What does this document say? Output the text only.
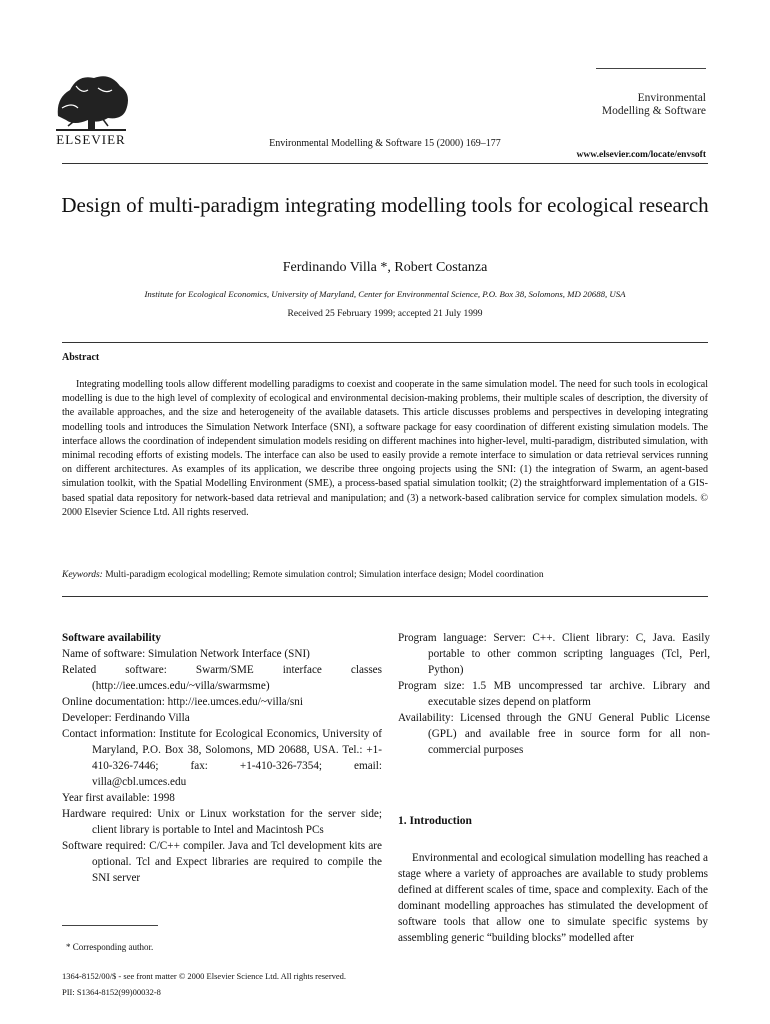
ELSEVIER	Environmental Modelling & Software 15 (2000) 169–177
Environmental
Modelling & Software
www.elsevier.com/locate/envsoft
Design of multi-paradigm integrating modelling tools for ecological research
Ferdinando Villa *, Robert Costanza
Institute for Ecological Economics, University of Maryland, Center for Environmental Science, P.O. Box 38, Solomons, MD 20688, USA
Received 25 February 1999; accepted 21 July 1999
Abstract
Integrating modelling tools allow different modelling paradigms to coexist and cooperate in the same simulation model. The need for such tools in ecological modelling is due to the high level of complexity of ecological and environmental decision-making problems, their multiple scales of description, the diversity of the available approaches, and the size and heterogeneity of the available datasets. This article discusses problems and perspectives in developing integrating modelling tools and introduces the Simulation Network Interface (SNI), a software package for easy coordination of different existing simulation models. The interface allows the coordination of independent simulation models residing on different machines into higher-level, multi-paradigm, distributed simulation, with minimal recoding efforts of existing models. The interface can also be used to easily provide a remote interface to simulation or data retrieval services running on different architectures. As examples of its application, we describe three ongoing projects using the SNI: (1) the integration of Swarm, an agent-based simulation toolkit, with the Spatial Modelling Environment (SME), a process-based spatial simulation toolkit; (2) the straightforward implementation of a GIS-based spatial data repository for network-based data retrieval and manipulation; and (3) a network-based calibration service for complex simulation models. © 2000 Elsevier Science Ltd. All rights reserved.
Keywords: Multi-paradigm ecological modelling; Remote simulation control; Simulation interface design; Model coordination
Software availability
Name of software: Simulation Network Interface (SNI)
Related software: Swarm/SME interface classes (http://iee.umces.edu/~villa/swarmsme)
Online documentation: http://iee.umces.edu/~villa/sni
Developer: Ferdinando Villa
Contact information: Institute for Ecological Economics, University of Maryland, P.O. Box 38, Solomons, MD 20688, USA. Tel.: +1-410-326-7446; fax: +1-410-326-7354; email: villa@cbl.umces.edu
Year first available: 1998
Hardware required: Unix or Linux workstation for the server side; client library is portable to Intel and Macintosh PCs
Software required: C/C++ compiler. Java and Tcl development kits are optional. Tcl and Expect libraries are required to compile the SNI server
Program language: Server: C++. Client library: C, Java. Easily portable to other common scripting languages (Tcl, Perl, Python)
Program size: 1.5 MB uncompressed tar archive. Library and executable sizes depend on platform
Availability: Licensed through the GNU General Public License (GPL) and available free in source form for all non-commercial purposes
1. Introduction
Environmental and ecological simulation modelling has reached a stage where a variety of approaches are available to study problems defined at different scales of time, space and complexity. Each of the dominant modelling approaches has stimulated the development of software tools that allow one to simulate specific systems by assembling generic “building blocks” modelled after
* Corresponding author.
1364-8152/00/$ - see front matter © 2000 Elsevier Science Ltd. All rights reserved.
PII: S1364-8152(99)00032-8
